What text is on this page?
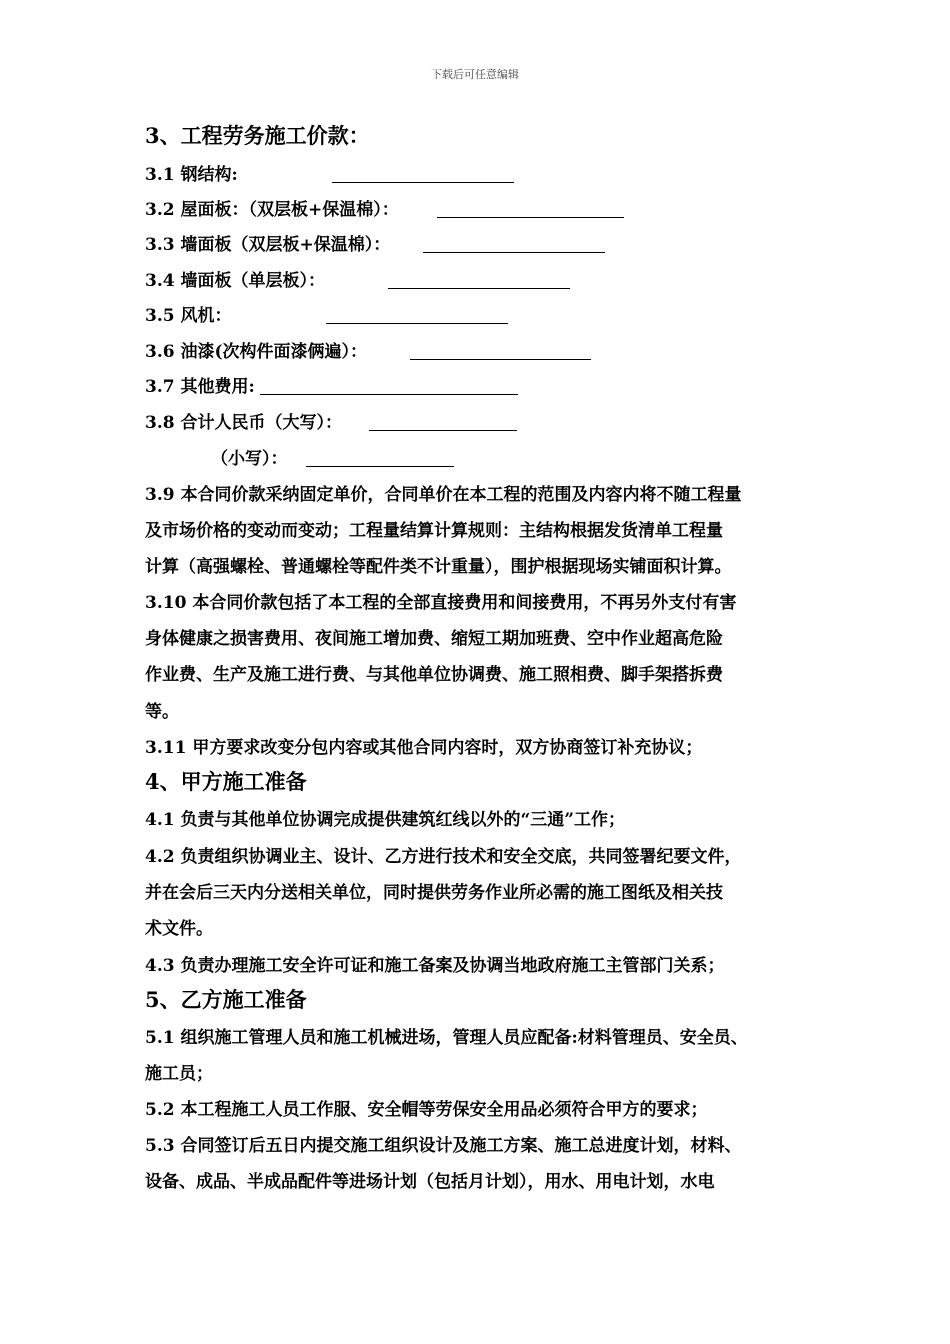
下载后可任意编辑
3、工程劳务施工价款：
3.1 钢结构:
3.2 屋面板：（双层板+保温棉）：
3.3 墙面板（双层板+保温棉）：
3.4 墙面板（单层板）：
3.5 风机：
3.6 油漆(次构件面漆俩遍）：
3.7 其他费用:
3.8 合计人民币（大写）：
（小写）：
3.9 本合同价款采纳固定单价，合同单价在本工程的范围及内容内将不随工程量
及市场价格的变动而变动；工程量结算计算规则：主结构根据发货清单工程量
计算（高强螺栓、普通螺栓等配件类不计重量），围护根据现场实铺面积计算。
3.10 本合同价款包括了本工程的全部直接费用和间接费用，不再另外支付有害
身体健康之损害费用、夜间施工增加费、缩短工期加班费、空中作业超高危险
作业费、生产及施工进行费、与其他单位协调费、施工照相费、脚手架搭拆费
等。
3.11 甲方要求改变分包内容或其他合同内容时，双方协商签订补充协议；
4、甲方施工准备
4.1 负责与其他单位协调完成提供建筑红线以外的“三通”工作；
4.2 负责组织协调业主、设计、乙方进行技术和安全交底，共同签署纪要文件，
并在会后三天内分送相关单位，同时提供劳务作业所必需的施工图纸及相关技
术文件。
4.3 负责办理施工安全许可证和施工备案及协调当地政府施工主管部门关系；
5、乙方施工准备
5.1 组织施工管理人员和施工机械进场，管理人员应配备:材料管理员、安全员、
施工员；
5.2 本工程施工人员工作服、安全帽等劳保安全用品必须符合甲方的要求；
5.3 合同签订后五日内提交施工组织设计及施工方案、施工总进度计划，材料、
设备、成品、半成品配件等进场计划（包括月计划），用水、用电计划，水电
